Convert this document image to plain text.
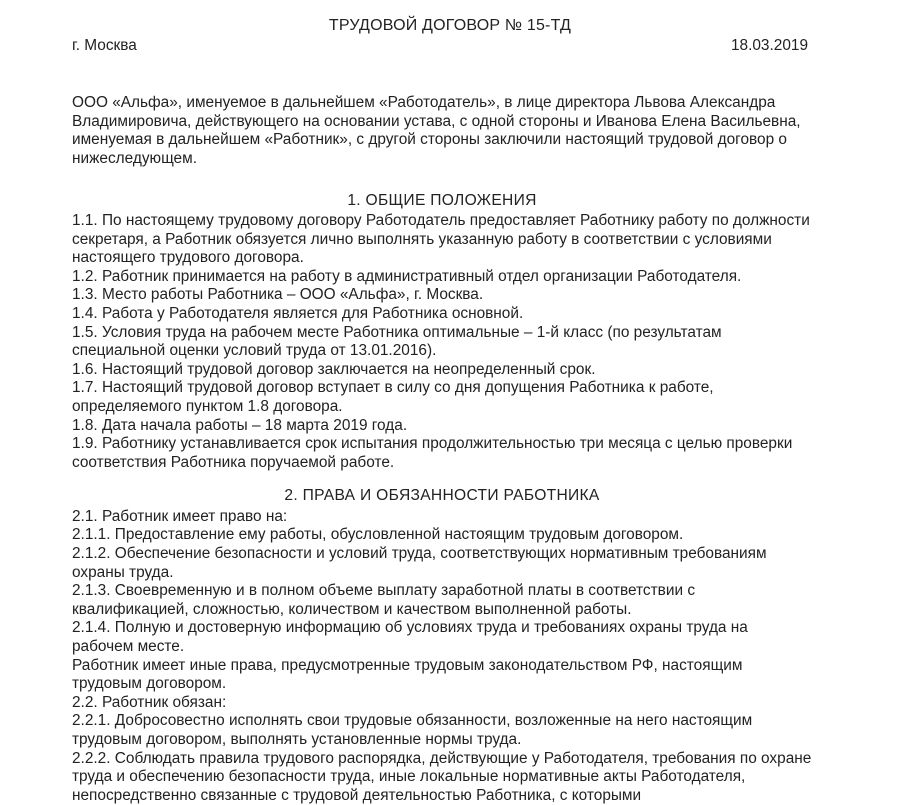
ТРУДОВОЙ ДОГОВОР № 15-ТД
г. Москва	18.03.2019

ООО «Альфа», именуемое в дальнейшем «Работодатель», в лице директора Львова Александра Владимировича, действующего на основании устава, с одной стороны и Иванова Елена Васильевна, именуемая в дальнейшем «Работник», с другой стороны заключили настоящий трудовой договор о нижеследующем.

1. ОБЩИЕ ПОЛОЖЕНИЯ

1.1. По настоящему трудовому договору Работодатель предоставляет Работнику работу по должности секретаря, а Работник обязуется лично выполнять указанную работу в соответствии с условиями настоящего трудового договора.

1.2. Работник принимается на работу в административный отдел организации Работодателя.

1.3. Место работы Работника – ООО «Альфа», г. Москва.

1.4. Работа у Работодателя является для Работника основной.

1.5. Условия труда на рабочем месте Работника оптимальные – 1-й класс (по результатам специальной оценки условий труда от 13.01.2016).

1.6. Настоящий трудовой договор заключается на неопределенный срок.

1.7. Настоящий трудовой договор вступает в силу со дня допущения Работника к работе, определяемого пунктом 1.8 договора.

1.8. Дата начала работы – 18 марта 2019 года.

1.9. Работнику устанавливается срок испытания продолжительностью три месяца с целью проверки соответствия Работника поручаемой работе.

2. ПРАВА И ОБЯЗАННОСТИ РАБОТНИКА

2.1. Работник имеет право на:

2.1.1. Предоставление ему работы, обусловленной настоящим трудовым договором.

2.1.2. Обеспечение безопасности и условий труда, соответствующих нормативным требованиям охраны труда.

2.1.3. Своевременную и в полном объеме выплату заработной платы в соответствии с квалификацией, сложностью, количеством и качеством выполненной работы.

2.1.4. Полную и достоверную информацию об условиях труда и требованиях охраны труда на рабочем месте.

Работник имеет иные права, предусмотренные трудовым законодательством РФ, настоящим трудовым договором.

2.2. Работник обязан:

2.2.1. Добросовестно исполнять свои трудовые обязанности, возложенные на него настоящим трудовым договором, выполнять установленные нормы труда.

2.2.2. Соблюдать правила трудового распорядка, действующие у Работодателя, требования по охране труда и обеспечению безопасности труда, иные локальные нормативные акты Работодателя, непосредственно связанные с трудовой деятельностью Работника, с которыми
